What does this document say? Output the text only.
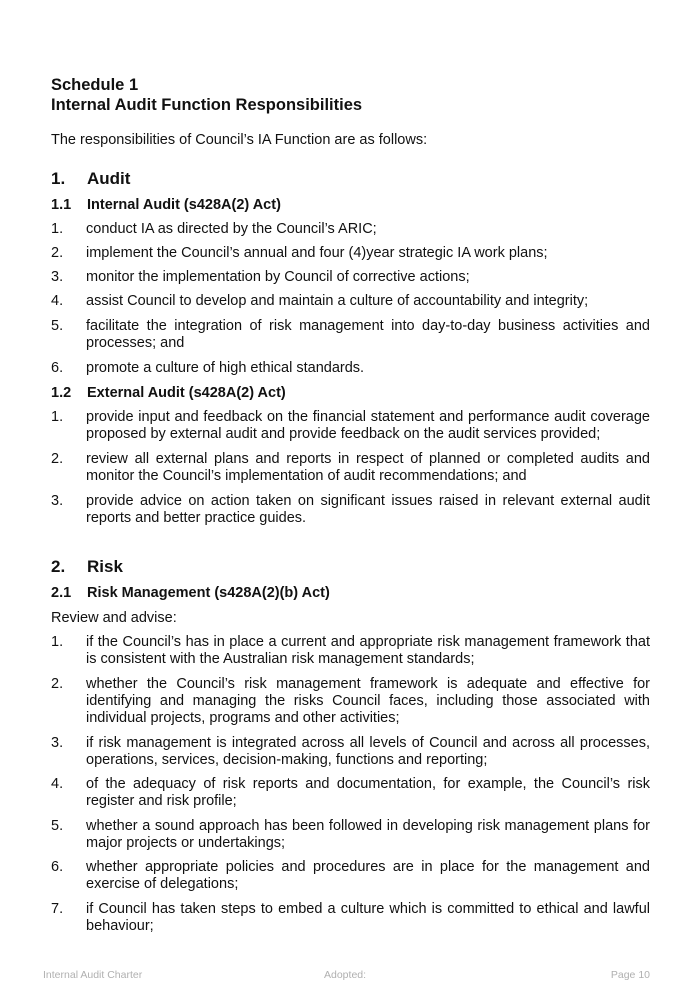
Schedule 1
Internal Audit Function Responsibilities
The responsibilities of Council’s IA Function are as follows:
1. Audit
1.1 Internal Audit (s428A(2) Act)
1. conduct IA as directed by the Council’s ARIC;
2. implement the Council’s annual and four (4)year strategic IA work plans;
3. monitor the implementation by Council of corrective actions;
4. assist Council to develop and maintain a culture of accountability and integrity;
5. facilitate the integration of risk management into day-to-day business activities and processes; and
6. promote a culture of high ethical standards.
1.2 External Audit (s428A(2) Act)
1. provide input and feedback on the financial statement and performance audit coverage proposed by external audit and provide feedback on the audit services provided;
2. review all external plans and reports in respect of planned or completed audits and monitor the Council’s implementation of audit recommendations; and
3. provide advice on action taken on significant issues raised in relevant external audit reports and better practice guides.
2. Risk
2.1 Risk Management (s428A(2)(b) Act)
Review and advise:
1. if the Council’s has in place a current and appropriate risk management framework that is consistent with the Australian risk management standards;
2. whether the Council’s risk management framework is adequate and effective for identifying and managing the risks Council faces, including those associated with individual projects, programs and other activities;
3. if risk management is integrated across all levels of Council and across all processes, operations, services, decision-making, functions and reporting;
4. of the adequacy of risk reports and documentation, for example, the Council’s risk register and risk profile;
5. whether a sound approach has been followed in developing risk management plans for major projects or undertakings;
6. whether appropriate policies and procedures are in place for the management and exercise of delegations;
7. if Council has taken steps to embed a culture which is committed to ethical and lawful behaviour;
Internal Audit Charter	Adopted:	Page 10
